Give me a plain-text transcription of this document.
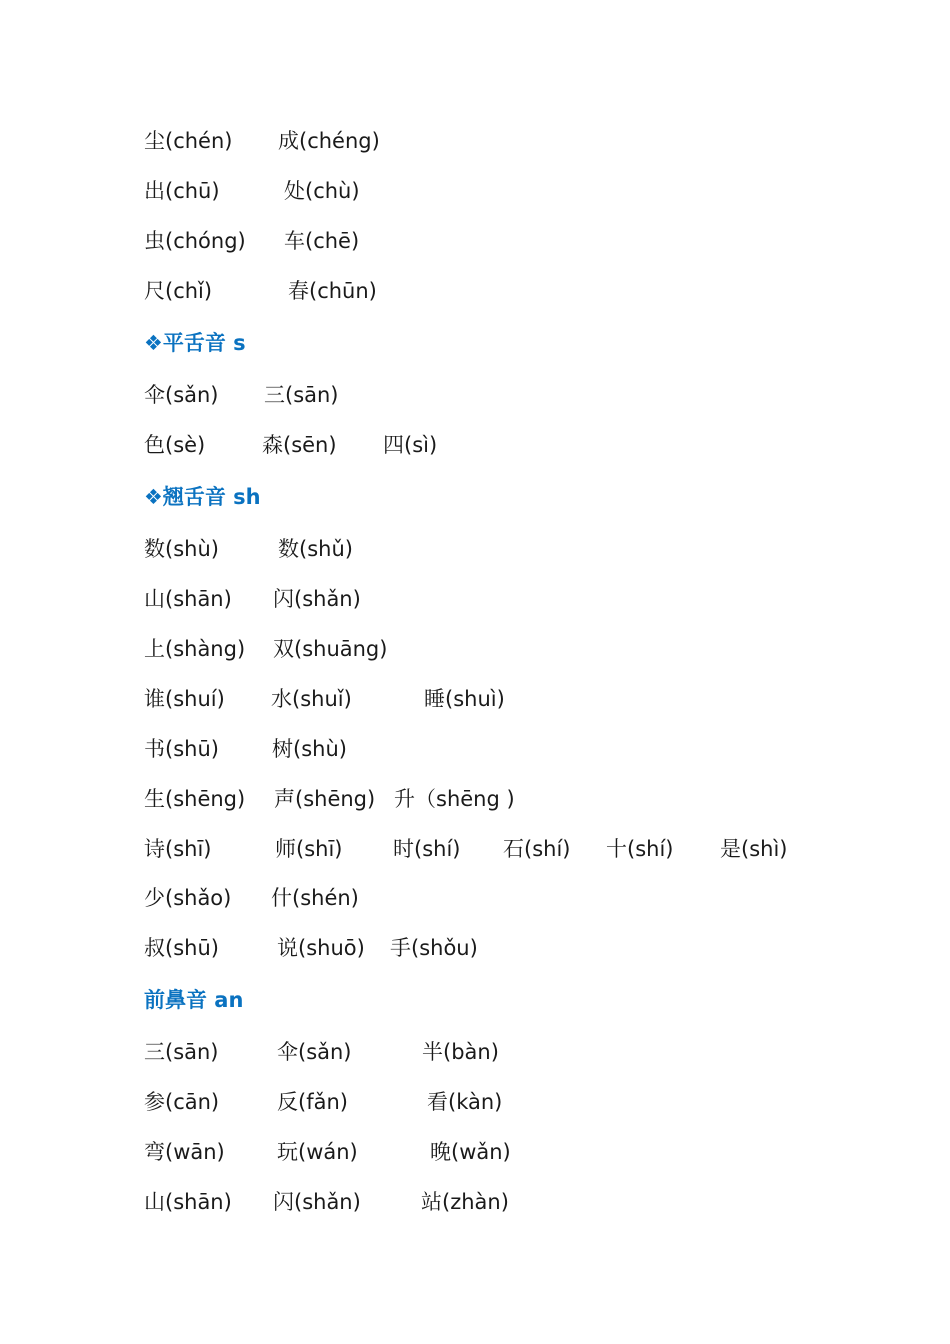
尘(chén) 成(chéng)
出(chū)	处(chù)
虫(chóng) 车(chē)
尺(chǐ)	春(chūn)
❖平舌音 s
伞(sǎn) 三(sān)
色(sè)	森(sēn) 四(sì)
❖翘舌音 sh
数(shù)	数(shǔ)
山(shān) 闪(shǎn)
上(shàng) 双(shuāng)
谁(shuí) 水(shuǐ)	睡(shuì)
书(shū)	树(shù)
生(shēng) 声(shēng) 升（shēng )
诗(shī)	师(shī) 时(shí) 石(shí) 十(shí) 是(shì)
少(shǎo) 什(shén)
叔(shū)	说(shuō) 手(shǒu)
前鼻音 an
三(sān)	伞(sǎn)	半(bàn)
参(cān)	反(fǎn)	看(kàn)
弯(wān) 玩(wán)	晚(wǎn)
山(shān) 闪(shǎn)	站(zhàn)
